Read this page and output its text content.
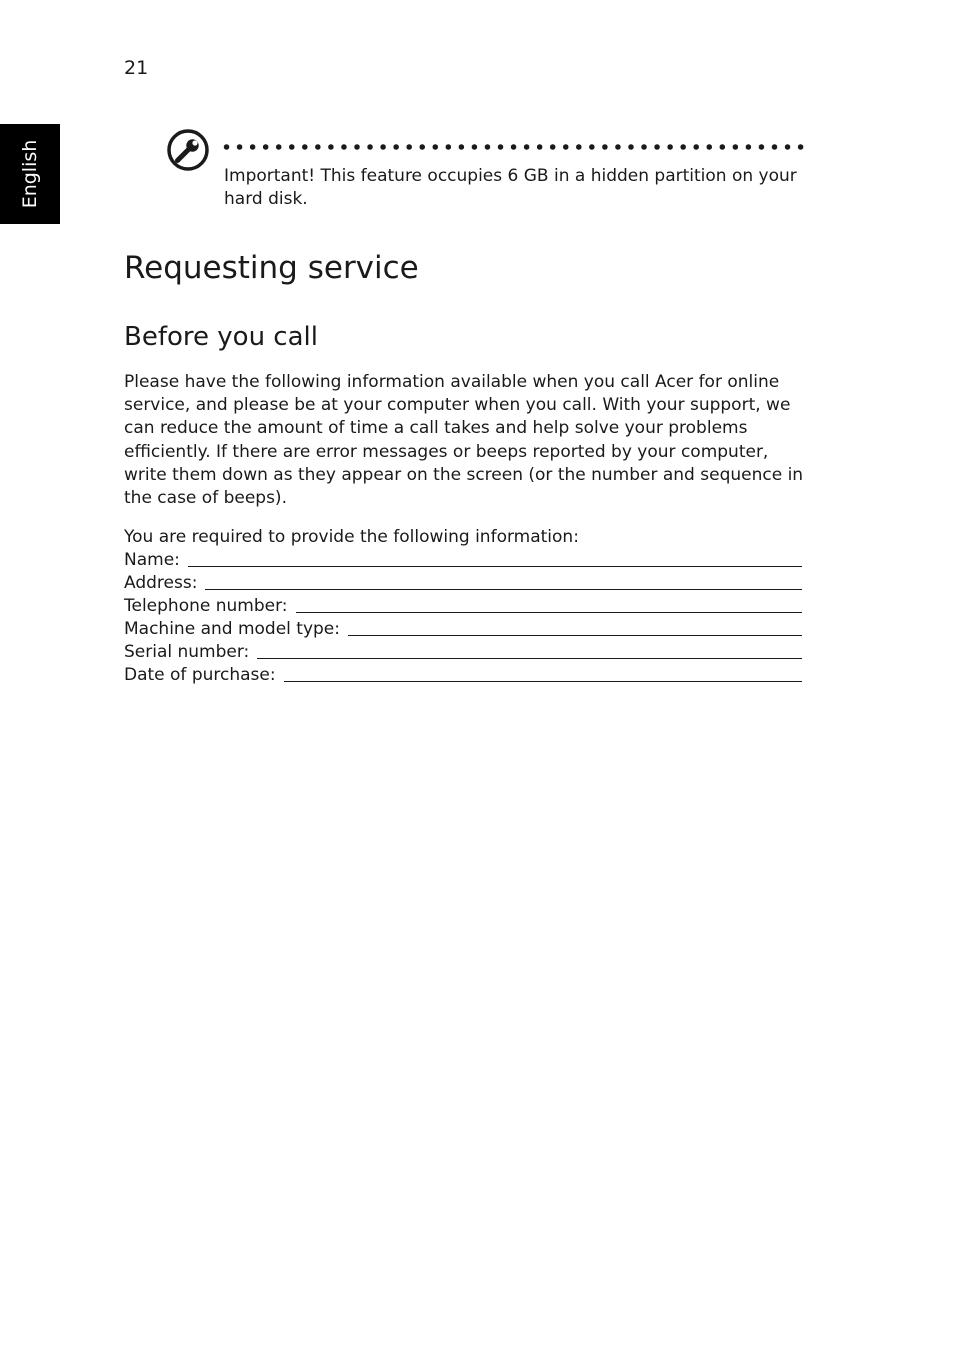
21
English	Important! This feature occupies 6 GB in a hidden partition on your hard disk.
Requesting service
Before you call

Please have the following information available when you call Acer for online service, and please be at your computer when you call. With your support, we can reduce the amount of time a call takes and help solve your problems efficiently. If there are error messages or beeps reported by your computer, write them down as they appear on the screen (or the number and sequence in the case of beeps).

You are required to provide the following information:

Name:
Address:
Telephone number:
Machine and model type:
Serial number:
Date of purchase:
